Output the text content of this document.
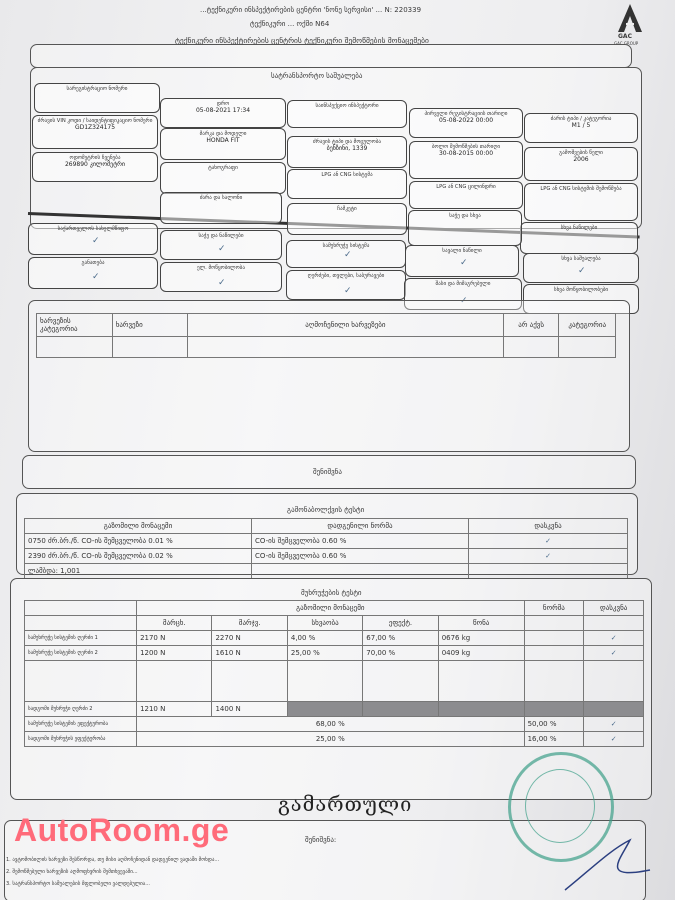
...ტექნიკური ინსპექტირების ცენტრი 'ნონე სერვისი' ... N: 220339
ტექნიკური ... ოქმი N64
ტექნიკური ინსპექტირების ცენტრის ტექნიკური შემოწმების მონაცემები	GAC
GAC GROUP
სატრანსპორტო საშუალება
სარეგისტრაციო ნომერი
დრო
05-08-2021 17:34
საინსპექციო ინსპექტორი
პირველი რეგისტრაციის თარიღი
05-08-2022 00:00	ძარის ტიპი / კატეგორია
M1 / 5
ძრავის VIN კოდი / საიდენტიფიკაციო ნომერი
GD1Z324175
მარკა და მოდელი
HONDA FIT	ძრავის ტიპი და მოცულობა
ბენზინი, 1339	ბოლო შემოწმების თარიღი
30-08-2015 00:00	გამოშვების წელი
2006
ოდომეტრის ჩვენება
269890 კილომეტრი	ტახოგრაფი
LPG ან CNG სისტემა
LPG ან CNG ცილინდრი	LPG ან CNG სისტემის შემოწმება
საქართველოს სახელმწიფო
საჭე და ნაწილები
სამუხრუჭე სისტემა
სავალი ნაწილი
სხვა ნაწილები
ძარა და სალონი
ჩამკეტი
საჭე და სხვა
სხვა საშუალება
განათება
ელ. მოწყობილობა
ღერძები, თვლები, საბურავები
შასი და მიმაგრებული
სხვა მოწყობილობები
✓
✓
✓
✓
✓
✓
✓
✓
✓
ხარვეზის კატეგორია	ხარვეზი	აღმოჩენილი ხარვეზები	არ აქვს	კატეგორია

შენიშვნა
გამონაბოლქვის ტესტი
გაზომილი მონაცემი	დადგენილი ნორმა	დასკვნა
0750 ძრ.ბრ./წ. CO-ის შემცველობა 0.01 %	CO-ის შემცველობა 0.60 %	✓
2390 ძრ.ბრ./წ. CO-ის შემცველობა 0.02 %	CO-ის შემცველობა 0.60 %	✓
ლამბდა: 1,001		
მუხრუჭების ტესტი
	გაზომილი მონაცემი					ნორმა	დასკვნა
	მარცხ.	მარჯვ.	სხვაობა	ეფექტ.	წონა		
სამუხრუჭე სისტემის ღერძი 1	2170 N	2270 N	4,00 %	67,00 %	0676 kg		✓
სამუხრუჭე სისტემის ღერძი 2	1200 N	1610 N	25,00 %	70,00 %	0409 kg		✓

სადგომი მუხრუჭი ღერძი 2	1210 N	1400 N					
სამუხრუჭე სისტემის ეფექტურობა	68,00 %					50,00 %	✓
სადგომი მუხრუჭის ეფექტურობა	25,00 %					16,00 %	✓
გამართული
შენიშვნა:
1. ავტომობილის ხარვეზი შესწორდა, თუ მისი აღმოჩენიდან დადგენილ ვადაში მოხდა...
2. შემოწმებული ხარვეზის აღმოფხვრის შემთხვევაში...
3. სატრანსპორტო საშუალების მფლობელი ვალდებულია...
AutoRoom.ge
